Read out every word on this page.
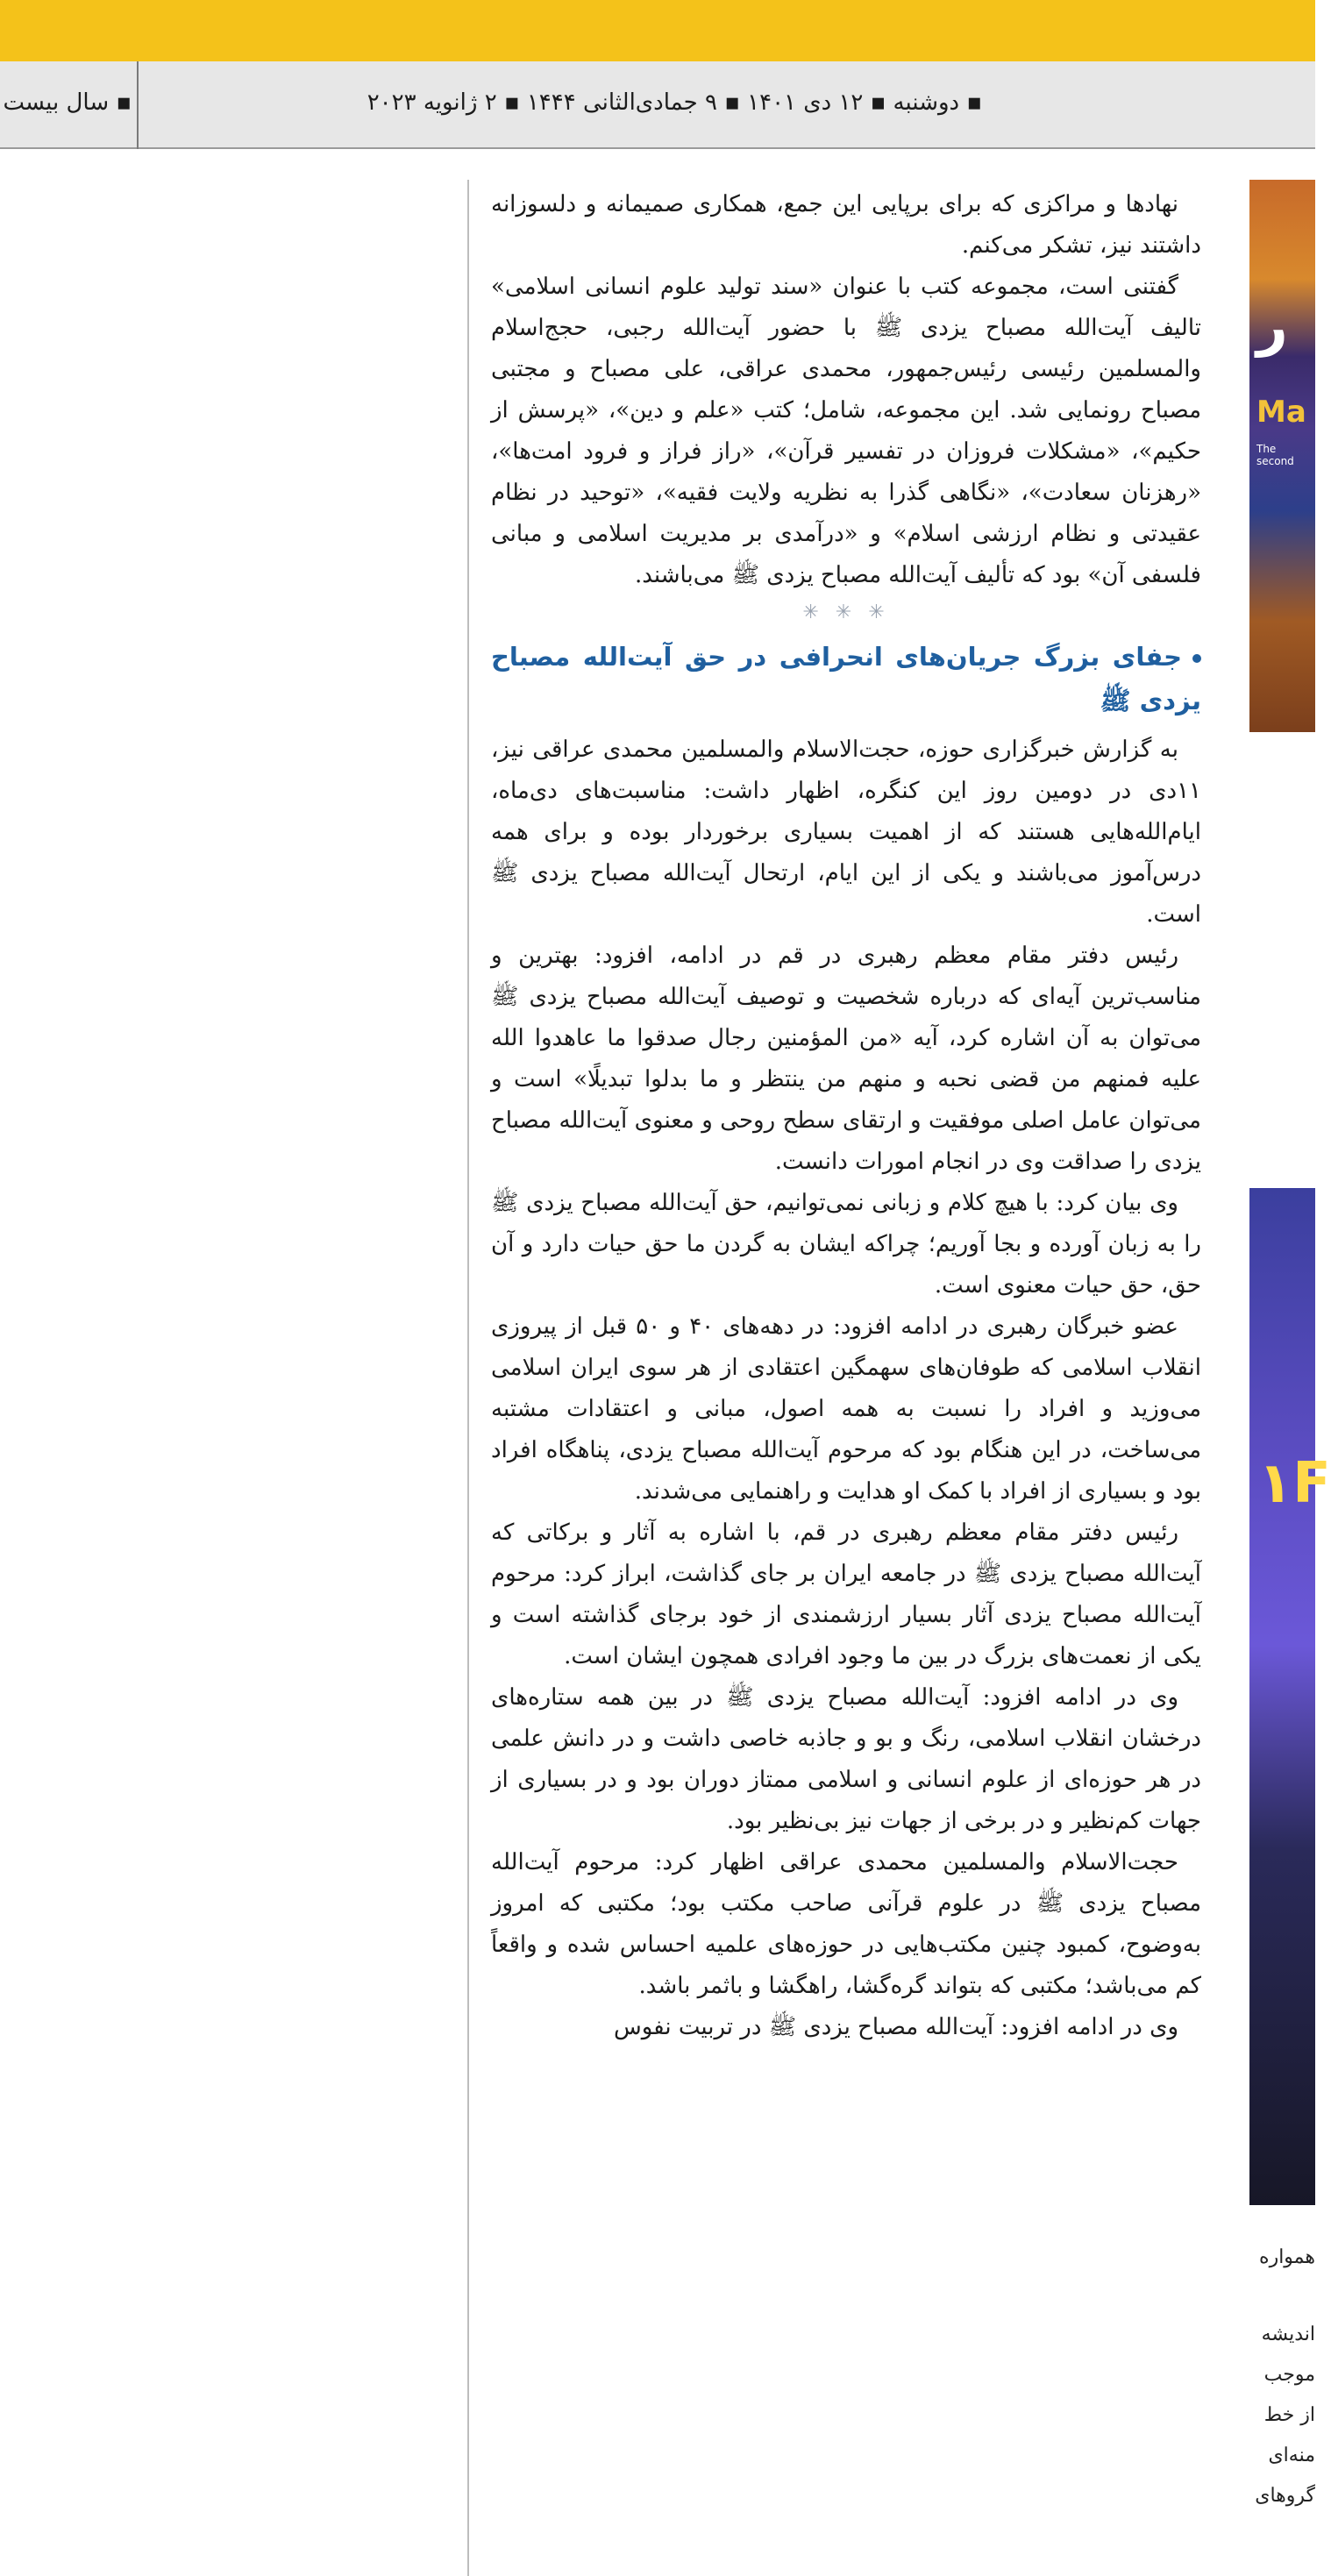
▪ سال بیست	▪ دوشنبه ▪ ۱۲ دی ۱۴۰۱ ▪ ۹ جمادی‌الثانی ۱۴۴۴ ▪ ۲ ژانویه ۲۰۲۳
ر
Ma
The second
۱F
همواره
اندیشه
موجب
از خط
منه‌ای
گروهای

نهادها و مراکزی که برای برپایی این جمع، همکاری صمیمانه و دلسوزانه داشتند نیز، تشکر می‌کنم.

گفتنی است، مجموعه کتب با عنوان «سند تولید علوم انسانی اسلامی» تالیف آیت‌الله مصباح یزدی ﷺ با حضور آیت‌الله رجبی، حجج‌اسلام والمسلمین رئیسی رئیس‌جمهور، محمدی عراقی، علی مصباح و مجتبی مصباح رونمایی شد. این مجموعه، شامل؛ کتب «علم و دین»، «پرسش از حکیم»، «مشکلات فروزان در تفسیر قرآن»، «راز فراز و فرود امت‌ها»، «رهزنان سعادت»، «نگاهی گذرا به نظریه ولایت فقیه»، «توحید در نظام عقیدتی و نظام ارزشی اسلام» و «درآمدی بر مدیریت اسلامی و مبانی فلسفی آن» بود که تألیف آیت‌الله مصباح یزدی ﷺ می‌باشند.

✳ ✳ ✳
جفای بزرگ جریان‌های انحرافی در حق آیت‌الله مصباح یزدی ﷺ

به گزارش خبرگزاری حوزه، حجت‌الاسلام والمسلمین محمدی عراقی نیز، ۱۱دی در دومین روز این کنگره، اظهار داشت: مناسبت‌های دی‌ماه، ایام‌الله‌هایی هستند که از اهمیت بسیاری برخوردار بوده و برای همه درس‌آموز می‌باشند و یکی از این ایام، ارتحال آیت‌الله مصباح یزدی ﷺ است.

رئیس دفتر مقام معظم رهبری در قم در ادامه، افزود: بهترین و مناسب‌ترین آیه‌ای که درباره شخصیت و توصیف آیت‌الله مصباح یزدی ﷺ می‌توان به آن اشاره کرد، آیه «من المؤمنین رجال صدقوا ما عاهدوا الله علیه فمنهم من قضی نحبه و منهم من ینتظر و ما بدلوا تبدیلًا» است و می‌توان عامل اصلی موفقیت و ارتقای سطح روحی و معنوی آیت‌الله مصباح یزدی را صداقت وی در انجام امورات دانست.

وی بیان کرد: با هیچ کلام و زبانی نمی‌توانیم، حق آیت‌الله مصباح یزدی ﷺ را به زبان آورده و بجا آوریم؛ چراکه ایشان به گردن ما حق حیات دارد و آن حق، حق حیات معنوی است.

عضو خبرگان رهبری در ادامه افزود: در دهه‌های ۴۰ و ۵۰ قبل از پیروزی انقلاب اسلامی که طوفان‌های سهمگین اعتقادی از هر سوی ایران اسلامی می‌وزید و افراد را نسبت به همه اصول، مبانی و اعتقادات مشتبه می‌ساخت، در این هنگام بود که مرحوم آیت‌الله مصباح یزدی، پناهگاه افراد بود و بسیاری از افراد با کمک او هدایت و راهنمایی می‌شدند.

رئیس دفتر مقام معظم رهبری در قم، با اشاره به آثار و برکاتی که آیت‌الله مصباح یزدی ﷺ در جامعه ایران بر جای گذاشت، ابراز کرد: مرحوم آیت‌الله مصباح یزدی آثار بسیار ارزشمندی از خود برجای گذاشته است و یکی از نعمت‌های بزرگ در بین ما وجود افرادی همچون ایشان است.

وی در ادامه افزود: آیت‌الله مصباح یزدی ﷺ در بین همه ستاره‌های درخشان انقلاب اسلامی، رنگ و بو و جاذبه خاصی داشت و در دانش علمی در هر حوزه‌ای از علوم انسانی و اسلامی ممتاز دوران بود و در بسیاری از جهات کم‌نظیر و در برخی از جهات نیز بی‌نظیر بود.

حجت‌الاسلام والمسلمین محمدی عراقی اظهار کرد: مرحوم آیت‌الله مصباح یزدی ﷺ در علوم قرآنی صاحب مکتب بود؛ مکتبی که امروز به‌وضوح، کمبود چنین مکتب‌هایی در حوزه‌های علمیه احساس شده و واقعاً کم می‌باشد؛ مکتبی که بتواند گره‌گشا، راهگشا و باثمر باشد.

وی در ادامه افزود: آیت‌الله مصباح یزدی ﷺ در تربیت نفوس
